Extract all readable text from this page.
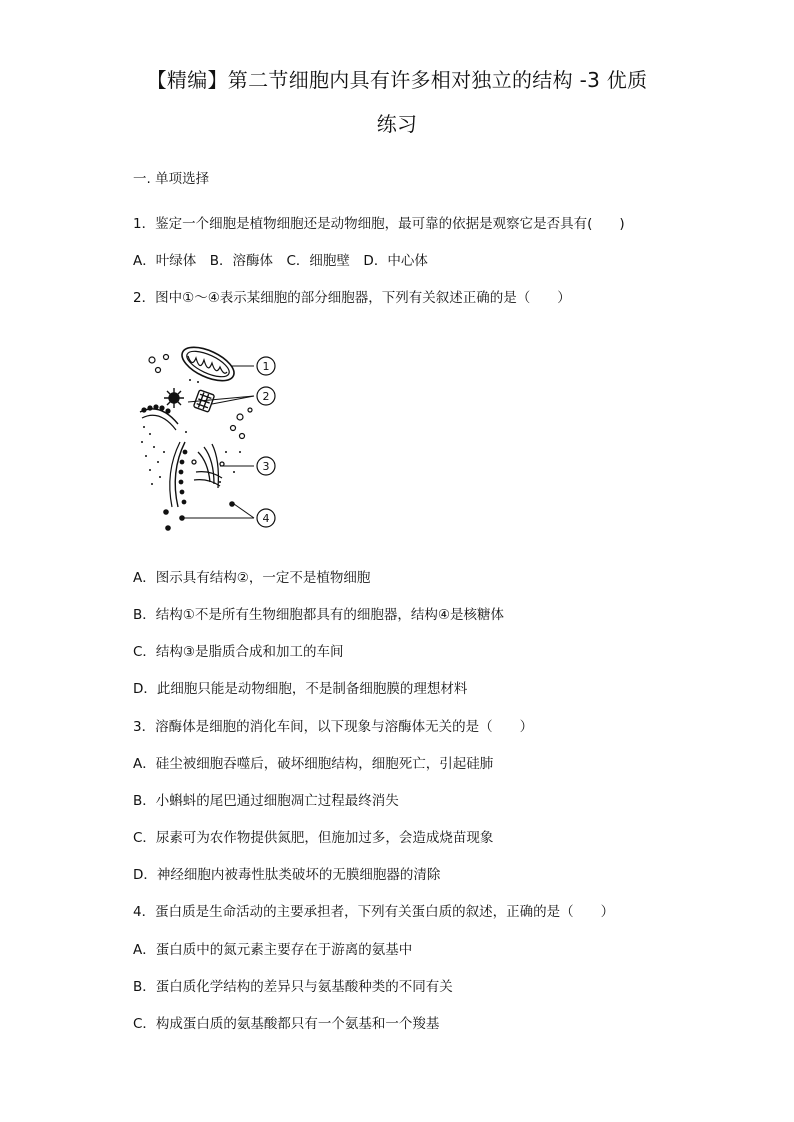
【精编】第二节细胞内具有许多相对独立的结构 -3 优质
练习
一. 单项选择
1．鉴定一个细胞是植物细胞还是动物细胞，最可靠的依据是观察它是否具有(　　)
A．叶绿体　B．溶酶体　C．细胞壁　D．中心体
2．图中①～④表示某细胞的部分细胞器，下列有关叙述正确的是（　　）
1
2
3
4
A．图示具有结构②，一定不是植物细胞
B．结构①不是所有生物细胞都具有的细胞器，结构④是核糖体
C．结构③是脂质合成和加工的车间
D．此细胞只能是动物细胞，不是制备细胞膜的理想材料
3．溶酶体是细胞的消化车间，以下现象与溶酶体无关的是（　　）
A．硅尘被细胞吞噬后，破坏细胞结构，细胞死亡，引起硅肺
B．小蝌蚪的尾巴通过细胞凋亡过程最终消失
C．尿素可为农作物提供氮肥，但施加过多，会造成烧苗现象
D．神经细胞内被毒性肽类破坏的无膜细胞器的清除
4．蛋白质是生命活动的主要承担者，下列有关蛋白质的叙述，正确的是（　　）
A．蛋白质中的氮元素主要存在于游离的氨基中
B．蛋白质化学结构的差异只与氨基酸种类的不同有关
C．构成蛋白质的氨基酸都只有一个氨基和一个羧基
